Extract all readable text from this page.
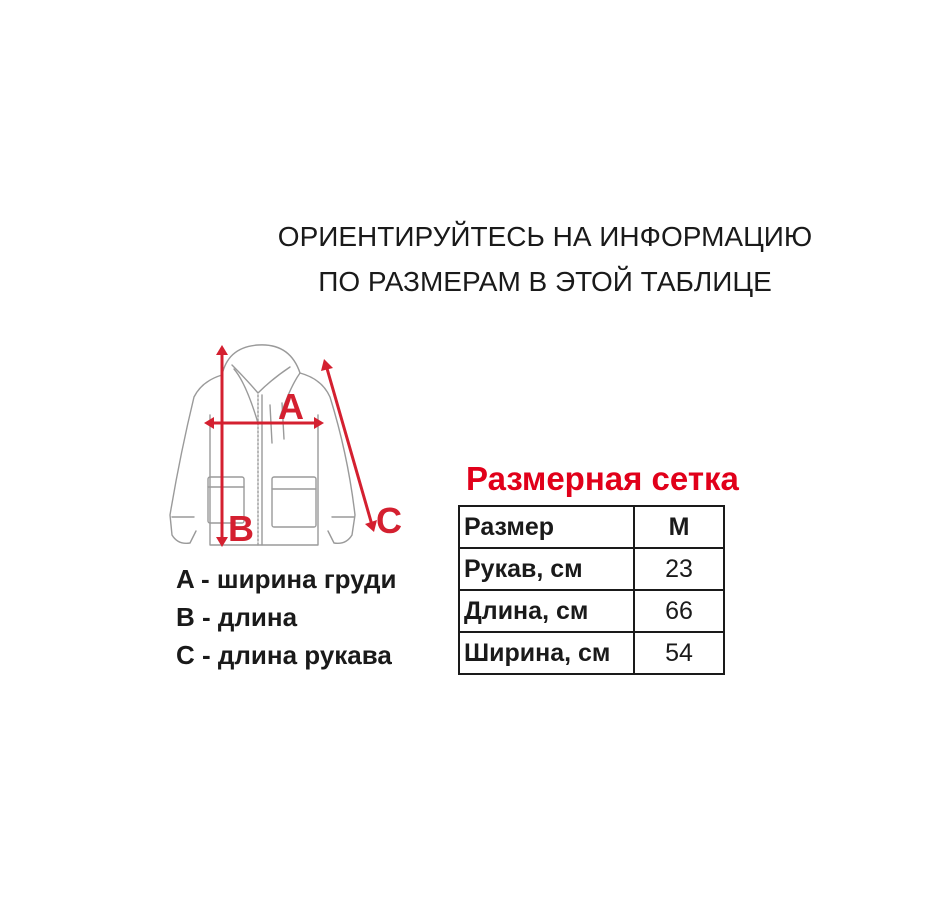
ОРИЕНТИРУЙТЕСЬ НА ИНФОРМАЦИЮ
ПО РАЗМЕРАМ В ЭТОЙ ТАБЛИЦЕ
A
B	C
A - ширина груди
B - длина
C - длина рукава
Размерная сетка
Размер	M
Рукав, см	23
Длина, см	66
Ширина, см	54
